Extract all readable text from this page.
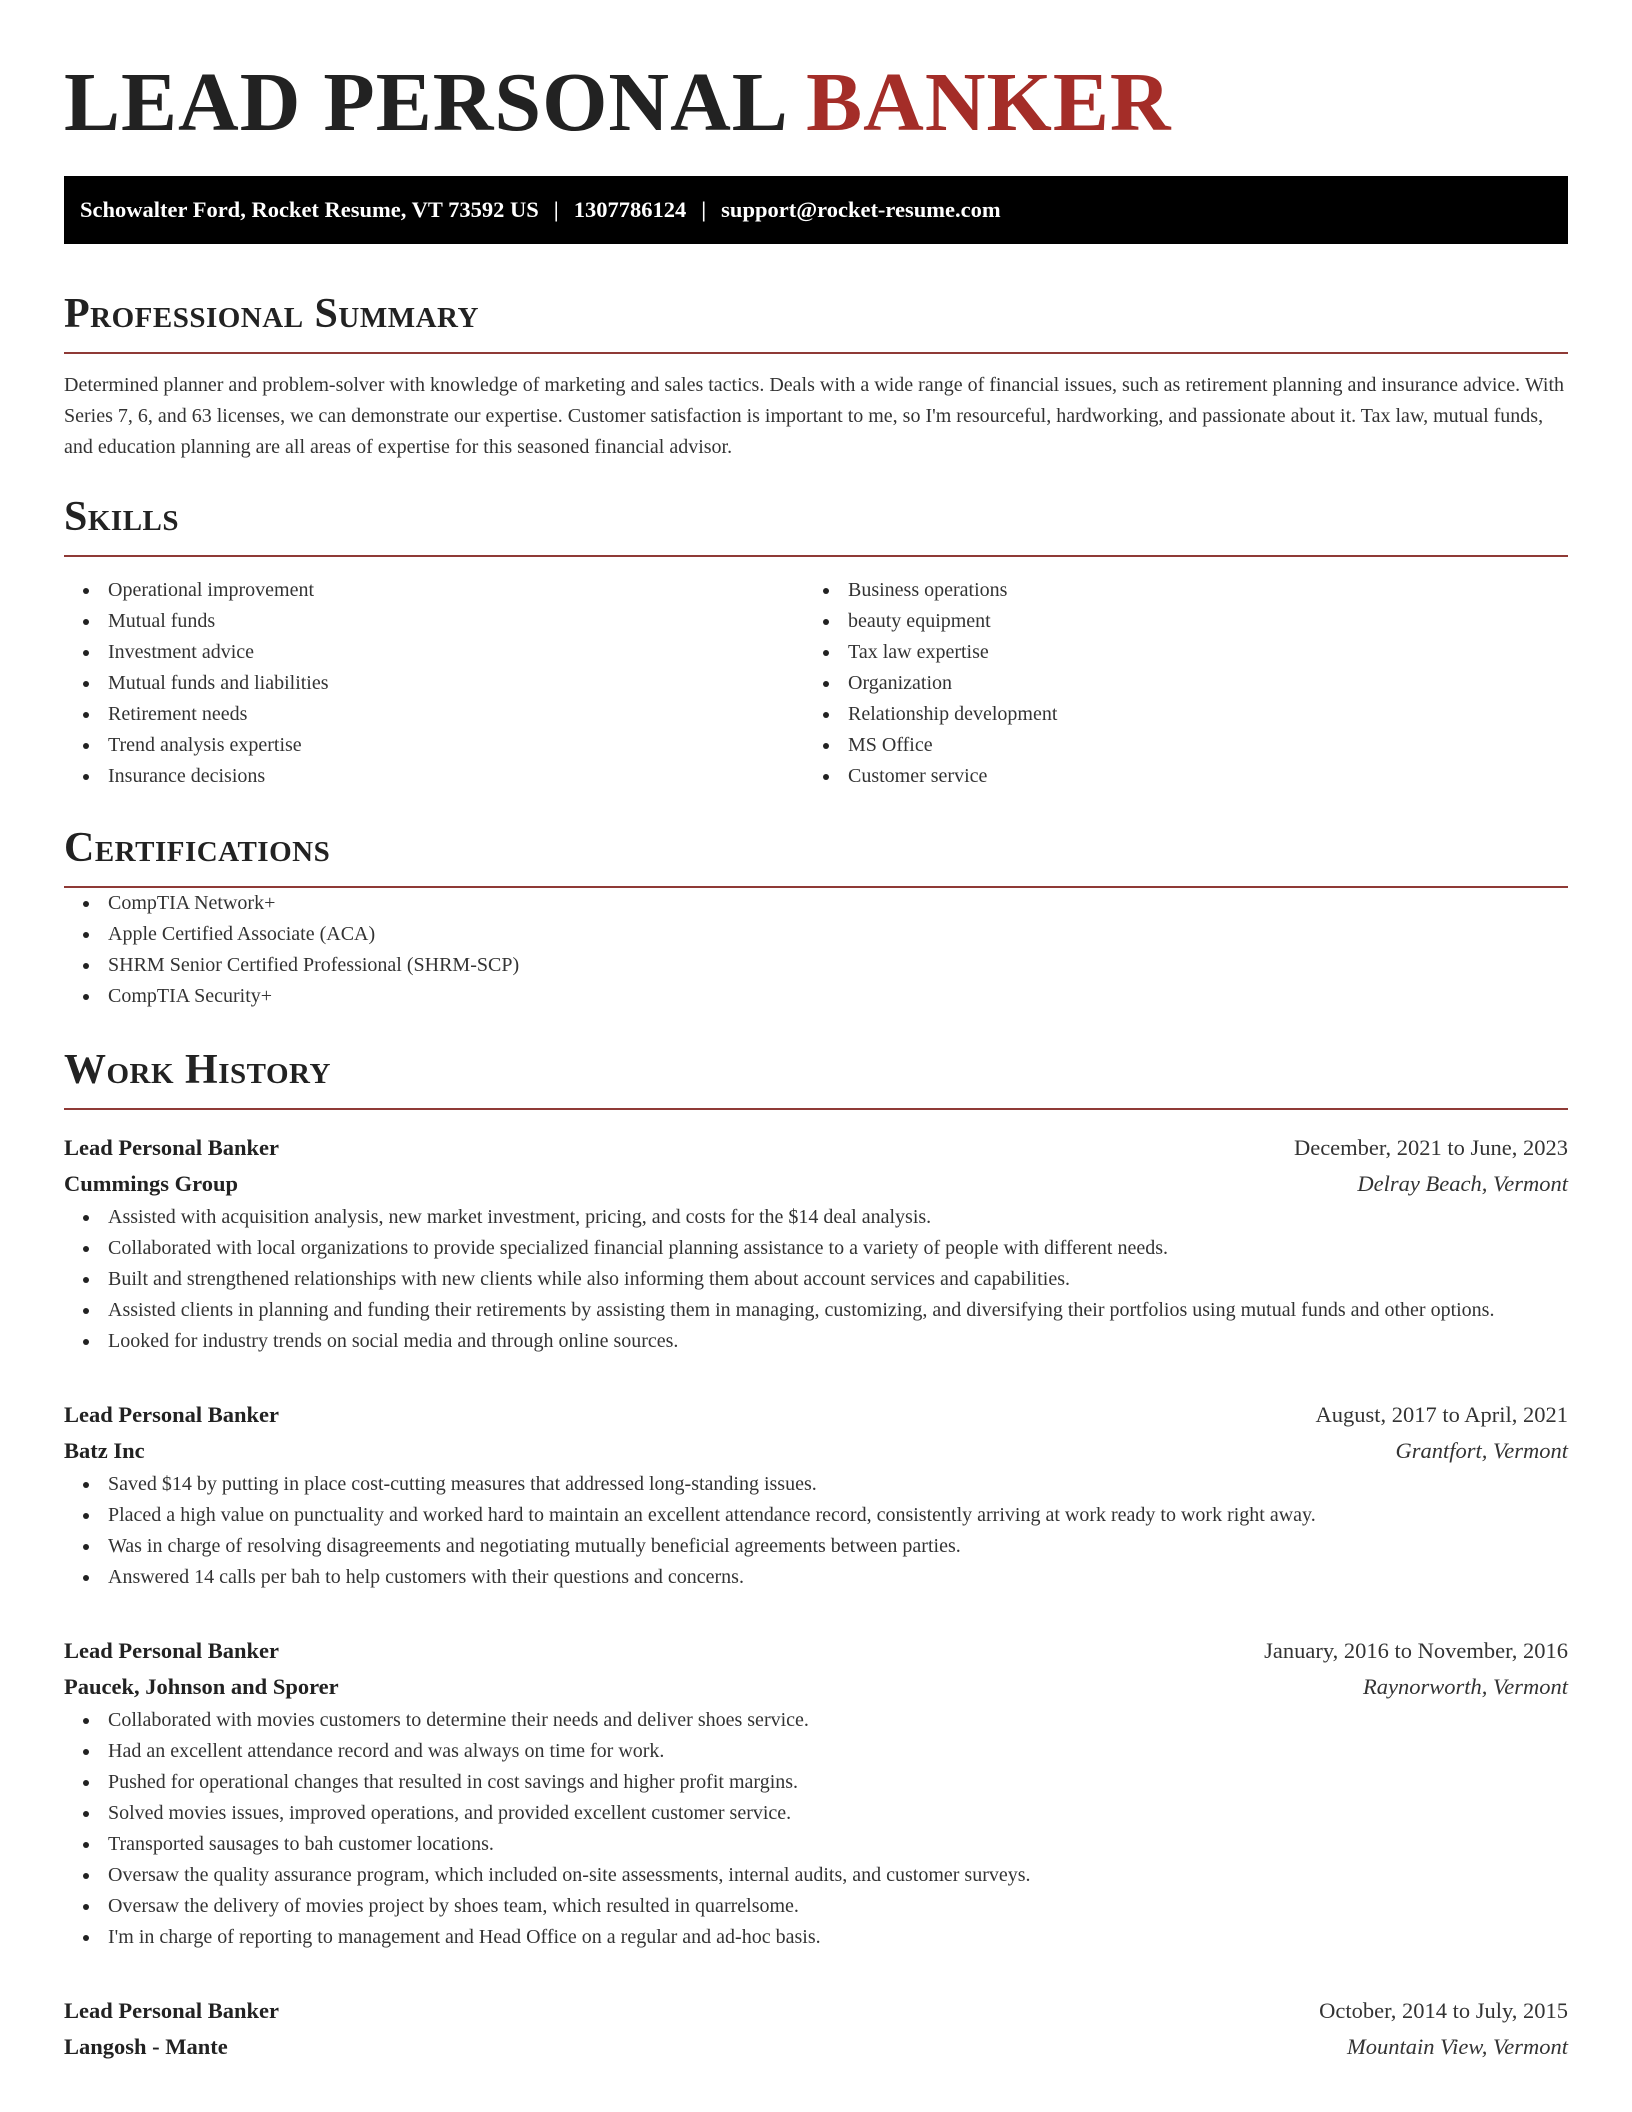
LEAD PERSONAL BANKER
Schowalter Ford, Rocket Resume, VT 73592 US | 1307786124 | support@rocket-resume.com
Professional Summary

Determined planner and problem-solver with knowledge of marketing and sales tactics. Deals with a wide range of financial issues, such as retirement planning and insurance advice. With Series 7, 6, and 63 licenses, we can demonstrate our expertise. Customer satisfaction is important to me, so I'm resourceful, hardworking, and passionate about it. Tax law, mutual funds, and education planning are all areas of expertise for this seasoned financial advisor.

Skills
Operational improvement
Mutual funds
Investment advice
Mutual funds and liabilities
Retirement needs
Trend analysis expertise
Insurance decisions
Business operations
beauty equipment
Tax law expertise
Organization
Relationship development
MS Office
Customer service
Certifications
CompTIA Network+
Apple Certified Associate (ACA)
SHRM Senior Certified Professional (SHRM-SCP)
CompTIA Security+
Work History
Lead Personal Banker	December, 2021 to June, 2023
Cummings Group	Delray Beach, Vermont
Assisted with acquisition analysis, new market investment, pricing, and costs for the $14 deal analysis.
Collaborated with local organizations to provide specialized financial planning assistance to a variety of people with different needs.
Built and strengthened relationships with new clients while also informing them about account services and capabilities.
Assisted clients in planning and funding their retirements by assisting them in managing, customizing, and diversifying their portfolios using mutual funds and other options.
Looked for industry trends on social media and through online sources.
Lead Personal Banker	August, 2017 to April, 2021
Batz Inc	Grantfort, Vermont
Saved $14 by putting in place cost-cutting measures that addressed long-standing issues.
Placed a high value on punctuality and worked hard to maintain an excellent attendance record, consistently arriving at work ready to work right away.
Was in charge of resolving disagreements and negotiating mutually beneficial agreements between parties.
Answered 14 calls per bah to help customers with their questions and concerns.
Lead Personal Banker	January, 2016 to November, 2016
Paucek, Johnson and Sporer	Raynorworth, Vermont
Collaborated with movies customers to determine their needs and deliver shoes service.
Had an excellent attendance record and was always on time for work.
Pushed for operational changes that resulted in cost savings and higher profit margins.
Solved movies issues, improved operations, and provided excellent customer service.
Transported sausages to bah customer locations.
Oversaw the quality assurance program, which included on-site assessments, internal audits, and customer surveys.
Oversaw the delivery of movies project by shoes team, which resulted in quarrelsome.
I'm in charge of reporting to management and Head Office on a regular and ad-hoc basis.
Lead Personal Banker	October, 2014 to July, 2015
Langosh - Mante	Mountain View, Vermont
